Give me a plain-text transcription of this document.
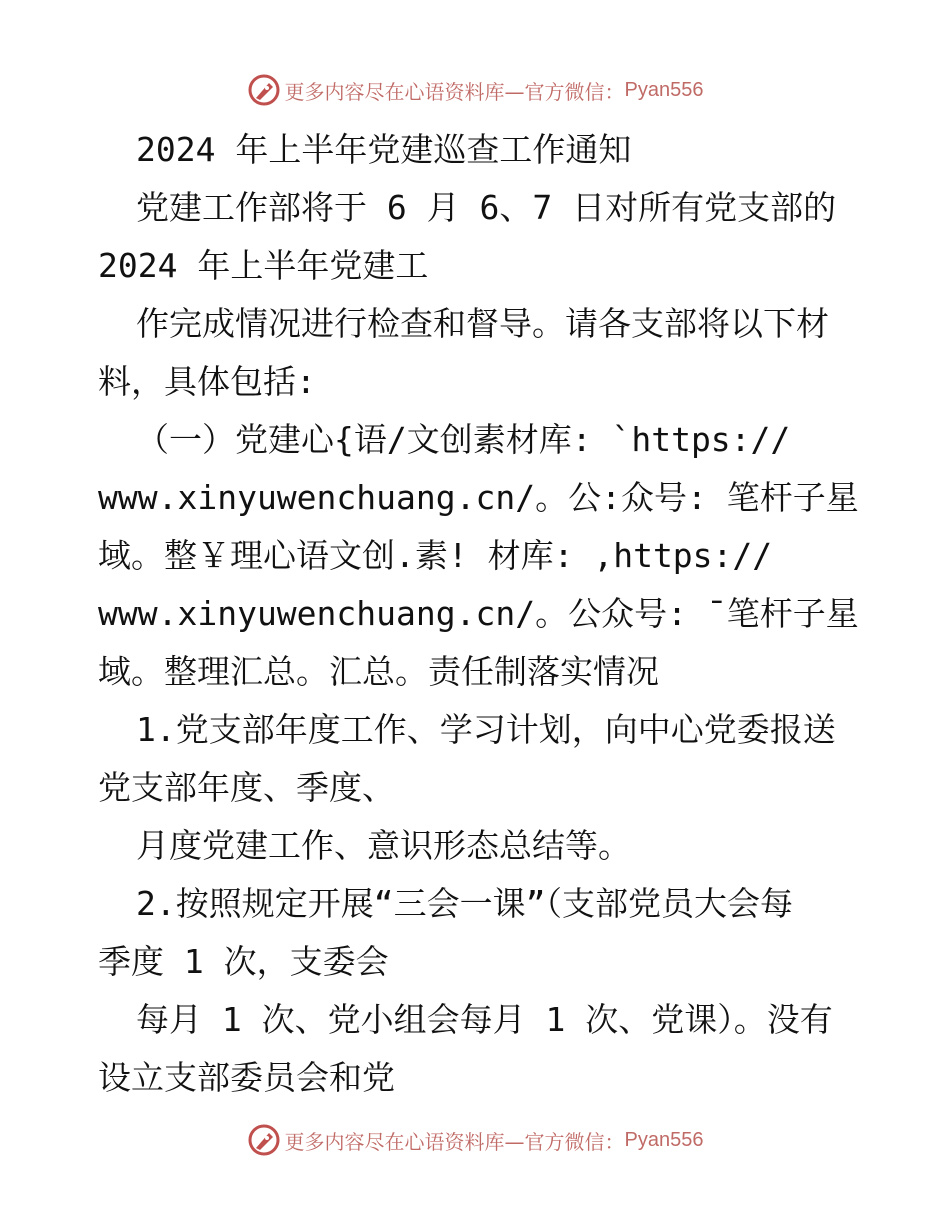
更多内容尽在心语资料库—官方微信： Pyan556
2024 年上半年党建巡查工作通知
党建工作部将于 6 月 6、7 日对所有党支部的
2024 年上半年党建工
作完成情况进行检查和督导。请各支部将以下材
料，具体包括:
（一）党建心{语/文创素材库: `https://
www.xinyuwenchuang.cn/。公:众号: 笔杆子星
域。整￥理心语文创.素! 材库: ,https://
www.xinyuwenchuang.cn/。公众号: ¯笔杆子星
域。整理汇总。汇总。责任制落实情况
1.党支部年度工作、学习计划，向中心党委报送
党支部年度、季度、
月度党建工作、意识形态总结等。
2.按照规定开展“三会一课”（支部党员大会每
季度 1 次，支委会
每月 1 次、党小组会每月 1 次、党课）。没有
设立支部委员会和党
更多内容尽在心语资料库—官方微信： Pyan556
